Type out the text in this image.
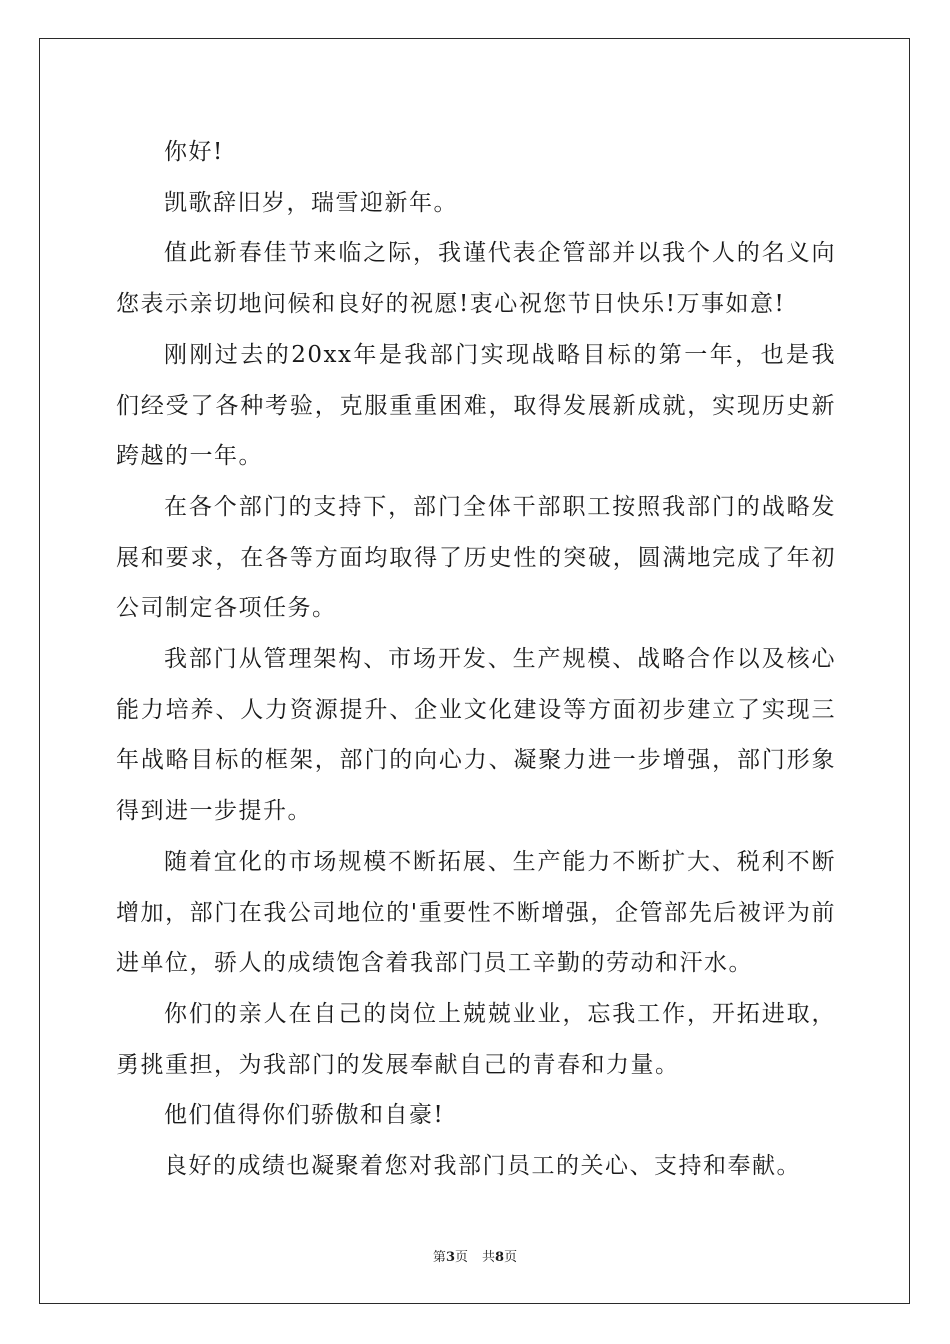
你好!

凯歌辞旧岁，瑞雪迎新年。

值此新春佳节来临之际，我谨代表企管部并以我个人的名义向您表示亲切地问候和良好的祝愿!衷心祝您节日快乐!万事如意!

刚刚过去的20xx年是我部门实现战略目标的第一年，也是我们经受了各种考验，克服重重困难，取得发展新成就，实现历史新跨越的一年。

在各个部门的支持下，部门全体干部职工按照我部门的战略发展和要求，在各等方面均取得了历史性的突破，圆满地完成了年初公司制定各项任务。

我部门从管理架构、市场开发、生产规模、战略合作以及核心能力培养、人力资源提升、企业文化建设等方面初步建立了实现三年战略目标的框架，部门的向心力、凝聚力进一步增强，部门形象得到进一步提升。

随着宜化的市场规模不断拓展、生产能力不断扩大、税利不断增加，部门在我公司地位的'重要性不断增强，企管部先后被评为前进单位，骄人的成绩饱含着我部门员工辛勤的劳动和汗水。

你们的亲人在自己的岗位上兢兢业业，忘我工作，开拓进取，勇挑重担，为我部门的发展奉献自己的青春和力量。

他们值得你们骄傲和自豪!

良好的成绩也凝聚着您对我部门员工的关心、支持和奉献。

第3页 共8页
